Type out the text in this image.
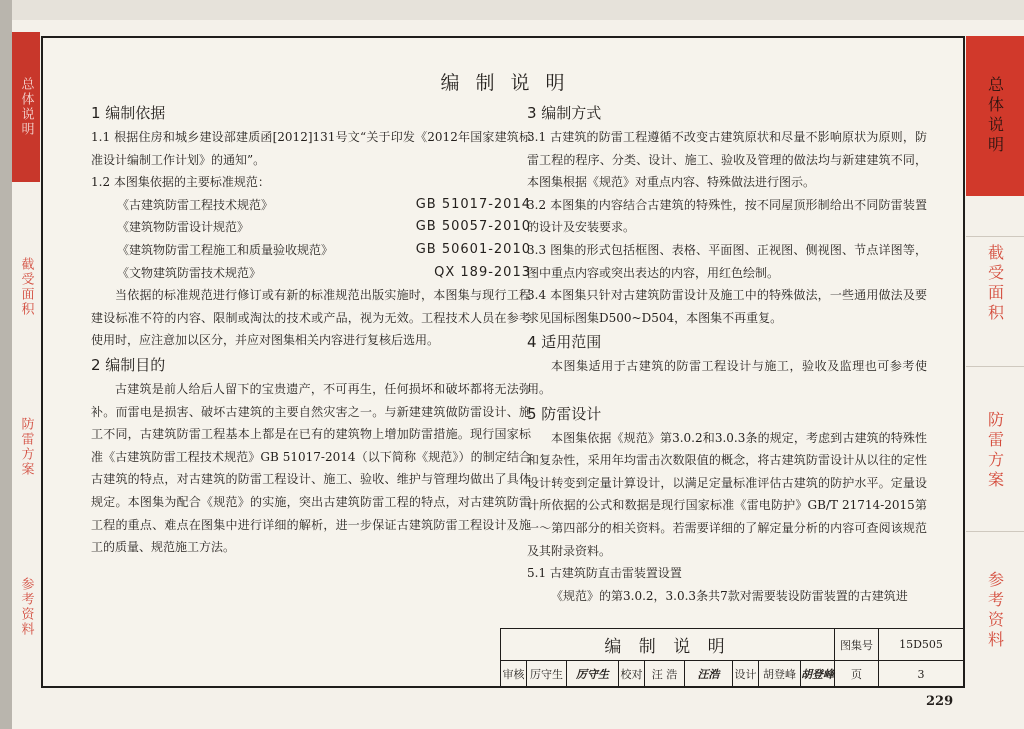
总体说明
截受面积
防雷方案
参考资料
编 制 说 明
1 编制依据
1.1 根据住房和城乡建设部建质函[2012]131号文“关于印发《2012年国家建筑标准设计编制工作计划》的通知”。
1.2 本图集依据的主要标准规范：
《古建筑防雷工程技术规范》	GB 51017-2014
《建筑物防雷设计规范》	GB 50057-2010
《建筑物防雷工程施工和质量验收规范》	GB 50601-2010
《文物建筑防雷技术规范》	QX 189-2013
当依据的标准规范进行修订或有新的标准规范出版实施时，本图集与现行工程建设标准不符的内容、限制或淘汰的技术或产品，视为无效。工程技术人员在参考使用时，应注意加以区分，并应对图集相关内容进行复核后选用。
2 编制目的
古建筑是前人给后人留下的宝贵遗产，不可再生，任何损坏和破坏都将无法弥补。而雷电是损害、破坏古建筑的主要自然灾害之一。与新建建筑做防雷设计、施工不同，古建筑防雷工程基本上都是在已有的建筑物上增加防雷措施。现行国家标准《古建筑防雷工程技术规范》GB 51017-2014（以下简称《规范》）的制定结合古建筑的特点，对古建筑的防雷工程设计、施工、验收、维护与管理均做出了具体规定。本图集为配合《规范》的实施，突出古建筑防雷工程的特点，对古建筑防雷工程的重点、难点在图集中进行详细的解析，进一步保证古建筑防雷工程设计及施工的质量、规范施工方法。
3 编制方式
3.1 古建筑的防雷工程遵循不改变古建筑原状和尽量不影响原状为原则，防雷工程的程序、分类、设计、施工、验收及管理的做法均与新建建筑不同，本图集根据《规范》对重点内容、特殊做法进行图示。
3.2 本图集的内容结合古建筑的特殊性，按不同屋顶形制给出不同防雷装置的设计及安装要求。
3.3 图集的形式包括框图、表格、平面图、正视图、侧视图、节点详图等，图中重点内容或突出表达的内容，用红色绘制。
3.4 本图集只针对古建筑防雷设计及施工中的特殊做法，一些通用做法及要求见国标图集D500~D504，本图集不再重复。
4 适用范围
本图集适用于古建筑的防雷工程设计与施工，验收及监理也可参考使用。
5 防雷设计
本图集依据《规范》第3.0.2和3.0.3条的规定，考虑到古建筑的特殊性和复杂性，采用年均雷击次数限值的概念，将古建筑防雷设计从以往的定性设计转变到定量计算设计，以满足定量标准评估古建筑的防护水平。定量设计所依据的公式和数据是现行国家标准《雷电防护》GB/T 21714-2015第一～第四部分的相关资料。若需要详细的了解定量分析的内容可查阅该规范及其附录资料。
5.1 古建筑防直击雷装置设置
《规范》的第3.0.2，3.0.3条共7款对需要装设防雷装置的古建筑进
编 制 说 明	图集号	15D505
审核 厉守生	厉守生	校对 汪 浩	汪浩	设计 胡登峰 胡登峰	页	3
总体说明
截受面积
防雷方案
参考资料
229
